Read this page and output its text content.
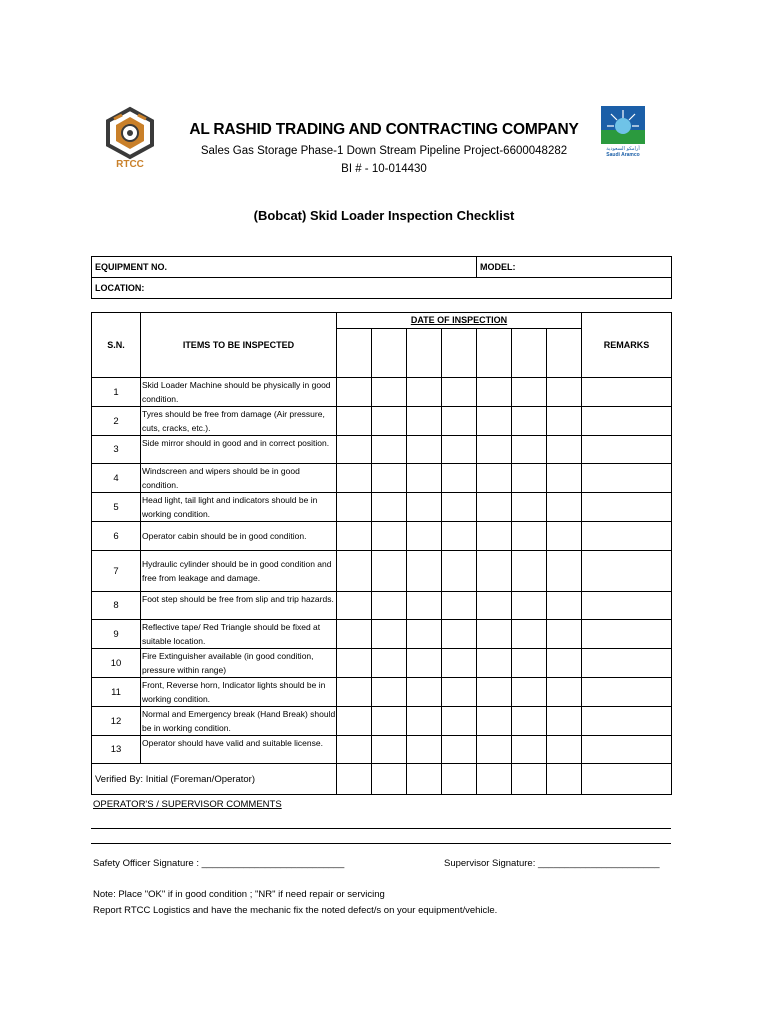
RTCC
أرامكو السعودية
Saudi Aramco
AL RASHID TRADING AND CONTRACTING COMPANY
Sales Gas Storage Phase-1 Down Stream Pipeline Project-6600048282
BI # - 10-014430
(Bobcat) Skid Loader Inspection Checklist
EQUIPMENT NO.	MODEL:
LOCATION:
S.N.	ITEMS TO BE INSPECTED	DATE OF INSPECTION							REMARKS

1	Skid Loader Machine should be physically in good condition.								
2	Tyres should be free from damage (Air pressure, cuts, cracks, etc.).								
3	Side mirror should in good and in correct position.								
4	Windscreen and wipers should be in good condition.								
5	Head light, tail light and indicators should be in working condition.								
6	Operator cabin should be in good condition.								
7	Hydraulic cylinder should be in good condition and free from leakage and damage.								
8	Foot step should be free from slip and trip hazards.								
9	Reflective tape/ Red Triangle should be fixed at suitable location.								
10	Fire Extinguisher available (in good condition, pressure within range)								
11	Front, Reverse horn, Indicator lights should be in working condition.								
12	Normal and Emergency break (Hand Break) should be in working condition.								
13	Operator should have valid and suitable license.								
Verified By: Initial (Foreman/Operator)									
OPERATOR'S / SUPERVISOR COMMENTS
Safety Officer Signature : ___________________________	Supervisor Signature: _______________________
Note: Place "OK" if in good condition ; "NR" if need repair or servicing
Report RTCC Logistics and have the mechanic fix the noted defect/s on your equipment/vehicle.
